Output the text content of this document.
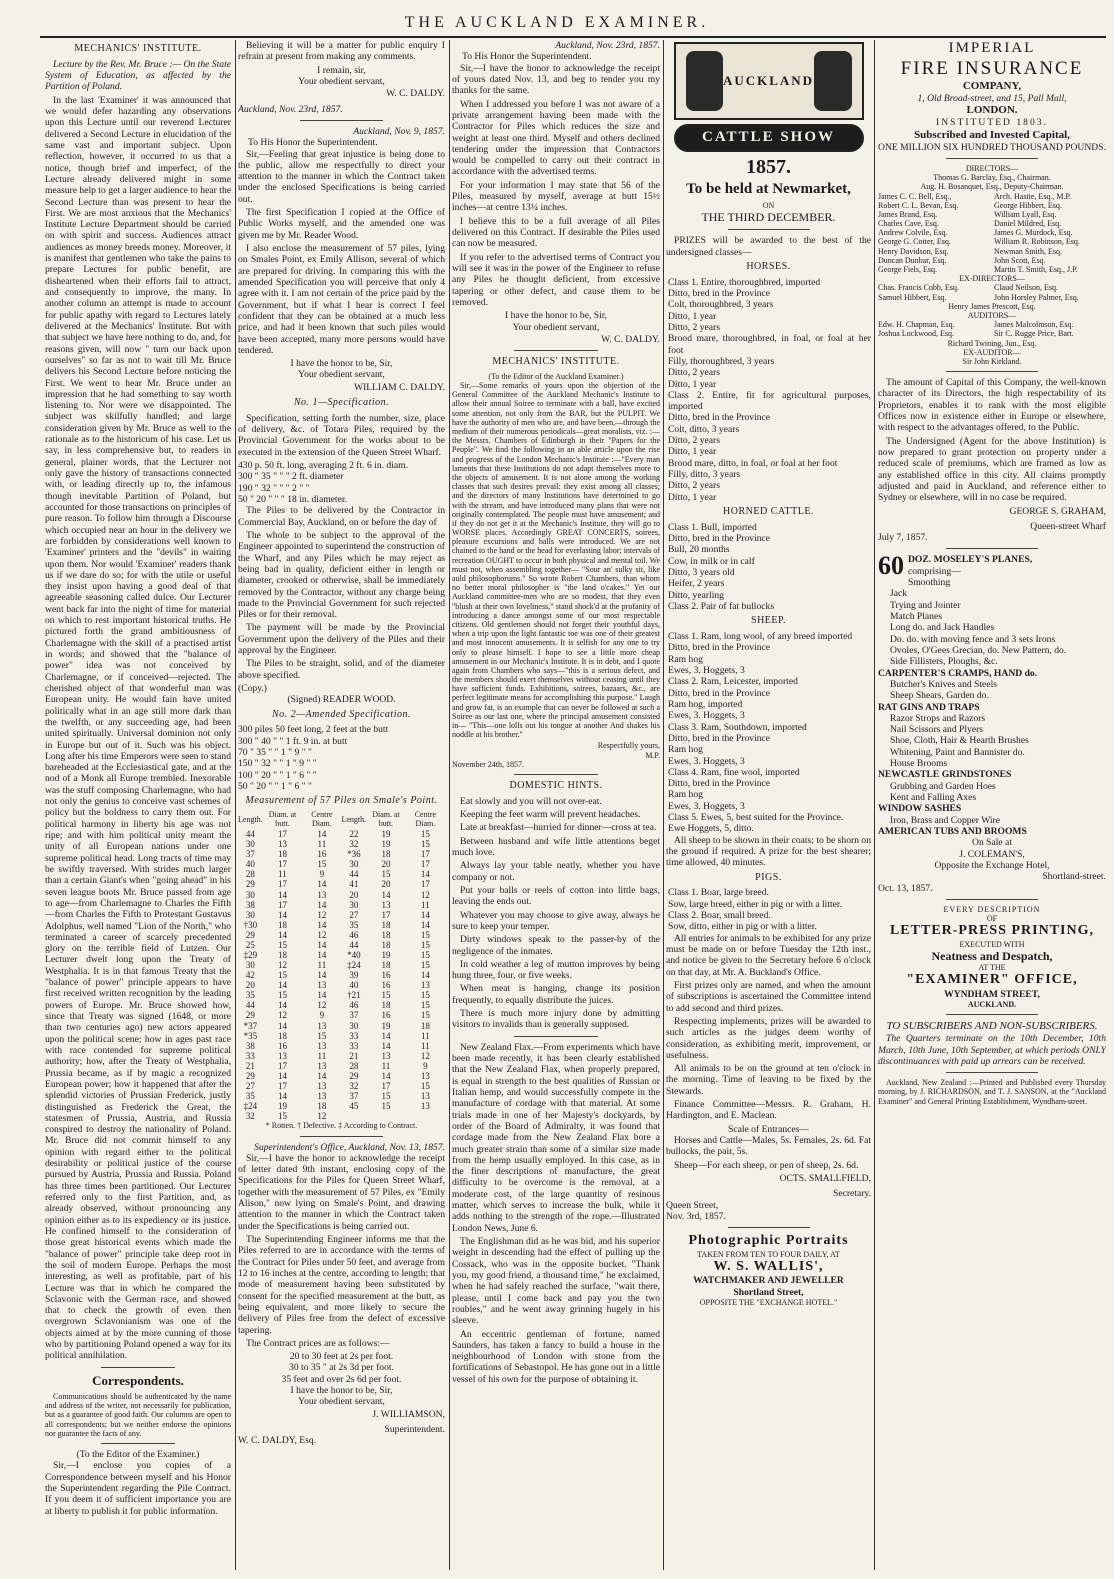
THE AUCKLAND EXAMINER.
MECHANICS' INSTITUTE.

Lecture by the Rev. Mr. Bruce :— On the State System of Education, as affected by the Partition of Poland.

In the last 'Examiner' it was announced that we would defer hazarding any observations upon this Lecture until our reverend Lecturer delivered a Second Lecture in elucidation of the same vast and important subject. Upon reflection, however, it occurred to us that a notice, though brief and imperfect, of the Lecture already delivered might in some measure help to get a larger audience to hear the Second Lecture than was present to hear the First. We are most anxious that the Mechanics' Institute Lecture Department should be carried on with spirit and success. Audiences attract audiences as money breeds money. Moreover, it is manifest that gentlemen who take the pains to prepare Lectures for public benefit, are disheartened when their efforts fail to attract, and consequently to improve, the many. In another column an attempt is made to account for public apathy with regard to Lectures lately delivered at the Mechanics' Institute. But with that subject we have here nothing to do, and, for reasons given, will now " turn our back upon ourselves" so far as not to wait till Mr. Bruce delivers his Second Lecture before noticing the First. We went to hear Mr. Bruce under an impression that he had something to say worth listening to. Nor were we disappointed. The subject was skilfully handled; and large consideration given by Mr. Bruce as well to the rationale as to the historicum of his case. Let us say, in less comprehensive but, to readers in general, plainer words, that the Lecturer not only gave the history of transactions connected with, or leading directly up to, the infamous though inevitable Partition of Poland, but accounted for those transactions on principles of pure reason. To follow him through a Discourse which occupied near an hour in the delivery we are forbidden by considerations well known to 'Examiner' printers and the "devils" in waiting upon them. Nor would 'Examiner' readers thank us if we dare do so; for with the utile or useful they insist upon having a good deal of that agreeable seasoning called dulce. Our Lecturer went back far into the night of time for material on which to rest important historical truths. He pictured forth the grand ambitiousness of Charlemagne with the skill of a practised artist in words; and showed that the "balance of power" idea was not conceived by Charlemagne, or if conceived—rejected. The cherished object of that wonderful man was European unity. He would fain have united politically what in an age still more dark than the twelfth, or any succeeding age, had been united spiritually. Universal dominion not only in Europe but out of it. Such was his object. Long after his time Emperors were seen to stand bareheaded at the Ecclesiastical gate, and at the nod of a Monk all Europe trembled. Inexorable was the stuff composing Charlemagne, who had not only the genius to conceive vast schemes of policy but the boldness to carry them out. For political harmony in liberty his age was not ripe; and with him political unity meant the unity of all European nations under one supreme political head. Long tracts of time may be swiftly traversed. With strides much larger than a certain Giant's when "going ahead" in his seven league boots Mr. Bruce passed from age to age—from Charlemagne to Charles the Fifth—from Charles the Fifth to Protestant Gustavus Adolphus, well named "Lion of the North," who terminated a career of scarcely precedented glory on the terrible field of Lutzen. Our Lecturer dwelt long upon the Treaty of Westphalia. It is in that famous Treaty that the "balance of power" principle appears to have first received written recognition by the leading powers of Europe. Mr. Bruce showed how, since that Treaty was signed (1648, or more than two centuries ago) new actors appeared upon the political scene; how in ages past race with race contended for supreme political authority; how, after the Treaty of Westphalia, Prussia became, as if by magic a recognized European power; how it happened that after the splendid victories of Prussian Frederick, justly distinguished as Frederick the Great, the statesmen of Prussia, Austria, and Russia conspired to destroy the nationality of Poland. Mr. Bruce did not commit himself to any opinion with regard either to the political desirability or political justice of the course pursued by Austria, Prussia and Russia. Poland has three times been partitioned. Our Lecturer referred only to the first Partition, and, as already observed, without pronouncing any opinion either as to its expediency or its justice. He confined himself to the consideration of those great historical events which made the "balance of power" principle take deep root in the soil of modern Europe. Perhaps the most interesting, as well as profitable, part of his Lecture was that in which he compared the Sclavonic with the German race, and showed that to check the growth of even then overgrown Sclavonianism was one of the objects aimed at by the more cunning of those who by partitioning Poland opened a way for its political annihilation.

Correspondents.

Communications should be authenticated by the name and address of the writer, not necessarily for publication, but as a guarantee of good faith. Our columns are open to all correspondents; but we neither endorse the opinions nor guarantee the facts of any.

(To the Editor of the Examiner.)

Sir,—I enclose you copies of a Correspondence between myself and his Honor the Superintendent regarding the Pile Contract. If you deem it of sufficient importance you are at liberty to publish it for public information.

Believing it will be a matter for public enquiry I refrain at present from making any comments.

I remain, sir,
Your obedient servant,
W. C. DALDY.
Auckland, Nov. 23rd, 1857.
Auckland, Nov. 9, 1857.
To His Honor the Superintendent.

Sir,—Feeling that great injustice is being done to the public, allow me respectfully to direct your attention to the manner in which the Contract taken under the enclosed Specifications is being carried out.

The first Specification I copied at the Office of Public Works myself, and the amended one was given me by Mr. Reader Wood.

I also enclose the measurement of 57 piles, lying on Smales Point, ex Emily Allison, several of which are prepared for driving. In comparing this with the amended Specification you will perceive that only 4 agree with it. I am not certain of the price paid by the Government, but if what I hear is correct I feel confident that they can be obtained at a much less price, and had it been known that such piles would have been accepted, many more persons would have tendered.

I have the honor to be, Sir,
Your obedient servant,
WILLIAM C. DALDY.
No. 1—Specification.

Specification, setting forth the number, size, place of delivery, &c. of Totara Piles, required by the Provincial Government for the works about to be executed in the extension of the Queen Street Wharf.

430 p. 50 ft. long, averaging 2 ft. 6 in. diam.
300 " 35 " " " 2 ft. diameter
190 " 32 " " " 2 " "
50 " 20 " " " 18 in. diameter.

The Piles to be delivered by the Contractor in Commercial Bay, Auckland, on or before the day of

The whole to be subject to the approval of the Engineer appointed to superintend the construction of the Wharf, and any Piles which he may reject as being bad in quality, deficient either in length or diameter, crooked or otherwise, shall be immediately removed by the Contractor, without any charge being made to the Provincial Government for such rejected Piles or for their removal.

The payment will be made by the Provincial Government upon the delivery of the Piles and their approval by the Engineer.

The Piles to be straight, solid, and of the diameter above specified.

(Copy.)
(Signed) READER WOOD.
No. 2—Amended Specification.
300 piles 50 feet long, 2 feet at the butt
300 " 40 " " 1 ft. 9 in. at butt
70 " 35 " " 1 " 9 " "
150 " 32 " " 1 " 9 " "
100 " 20 " " 1 " 6 " "
50 " 20 " " 1 " 6 " "
Measurement of 57 Piles on Smale's Point.
Length.	Diam. at butt.	Centre Diam.	Length.	Diam. at butt.	Centre Diam.
44	17	14	22	19	15
30	13	11	32	19	15
37	18	16	*36	18	17
40	17	15	30	20	17
28	11	9	44	15	14
29	17	14	41	20	17
30	14	13	20	14	12
38	17	14	30	13	11
30	14	12	27	17	14
†30	18	14	35	18	14
29	14	12	46	18	15
25	15	14	44	18	15
‡29	18	14	*40	19	15
30	12	11	‡24	18	15
42	15	14	39	16	14
20	14	13	40	16	13
35	15	14	†21	15	15
44	14	12	46	18	15
29	12	9	37	16	15
*37	14	13	30	19	18
*35	18	15	33	14	11
38	16	13	33	14	11
33	13	11	21	13	12
21	17	13	28	11	9
29	14	14	29	14	13
27	17	13	32	17	15
35	14	13	37	15	13
‡24	19	18	45	15	13
32	15	12			
* Rotten. † Defective. ‡ According to Contract.
Superintendent's Office, Auckland, Nov. 13, 1857.

Sir,—I have the honor to acknowledge the receipt of letter dated 9th instant, enclosing copy of the Specifications for the Piles for Queen Street Wharf, together with the measurement of 57 Piles, ex "Emily Alison," now lying on Smale's Point, and drawing attention to the manner in which the Contract taken under the Specifications is being carried out.

The Superintending Engineer informs me that the Piles referred to are in accordance with the terms of the Contract for Piles under 50 feet, and average from 12 to 16 inches at the centre, according to length; that mode of measurement having been substituted by consent for the specified measurement at the butt, as being equivalent, and more likely to secure the delivery of Piles free from the defect of excessive tapering.

The Contract prices are as follows:—

20 to 30 feet at 2s per foot.
30 to 35 " at 2s 3d per foot.
35 feet and over 2s 6d per foot.
I have the honor to be, Sir,
Your obedient servant,
J. WILLIAMSON,
Superintendent.
W. C. DALDY, Esq.
Auckland, Nov. 23rd, 1857.
To His Honor the Superintendent.

Sir,—I have the honor to acknowledge the receipt of yours dated Nov. 13, and beg to tender you my thanks for the same.

When I addressed you before I was not aware of a private arrangement having been made with the Contractor for Piles which reduces the size and weight at least one third. Myself and others declined tendering under the impression that Contractors would be compelled to carry out their contract in accordance with the advertised terms.

For your information I may state that 56 of the Piles, measured by myself, average at butt 15½ inches—at centre 13¼ inches.

I believe this to be a full average of all Piles delivered on this Contract. If desirable the Piles used can now be measured.

If you refer to the advertised terms of Contract you will see it was in the power of the Engineer to refuse any Piles he thought deficient, from excessive tapering or other defect, and cause them to be removed.

I have the honor to be, Sir,
Your obedient servant,
W. C. DALDY.
MECHANICS' INSTITUTE.
(To the Editor of the Auckland Examiner.)

Sir,—Some remarks of yours upon the objection of the General Committee of the Auckland Mechanic's Institute to allow their annual Soiree to terminate with a ball, have excited some attention, not only from the BAR, but the PULPIT. We have the authority of men who are, and have been,—through the medium of their numerous periodicals—great moralists, viz. :—the Messrs. Chambers of Edinburgh in their "Papers for the People". We find the following in an able article upon the rise and progress of the London Mechanic's Institute :—"Every man laments that these Institutions do not adapt themselves more to the objects of amusement. It is not alone among the working classes that such desires prevail: they exist among all classes; and the directors of many Institutions have determined to go with the stream, and have introduced many plans that were not originally contemplated. The people must have amusement; and if they do not get it at the Mechanic's Institute, they will go to WORSE places. Accordingly GREAT CONCERTS, soirees, pleasure excursions and balls were introduced. We are not chained to the hand or the head for everlasting labor; intervals of recreation OUGHT to occur in both physical and mental toil. We must not, when assembling together— "Sour an' sulky sit, like auld philosophorums." So wrote Robert Chambers, than whom no better moral philosopher is "the land o'cakes." Yet our Auckland committee-men who are so modest, that they even "blush at their own loveliness," stand shock'd at the profanity of introducing a dance amongst some of our most respectable citizens. Old gentlemen should not forget their youthful days, when a trip upon the light fantastic toe was one of their greatest and most innocent amusements. It is selfish for any one to try only to please himself. I hope to see a little more cheap amusement in our Mechanic's Institute. It is in debt, and I quote again from Chambers who says—"this is a serious defect, and the members should exert themselves without ceasing until they have sufficient funds. Exhibitions, soirees, bazaars, &c., are perfect legitimate means for accomplishing this purpose." Laugh and grow fat, is an example that can never be followed at such a Soiree as our last one, where the principal amusement consisted in— "This—one lolls out his tongue at another And shakes his noddle at his brother."

Respectfully yours,
M.P.
November 24th, 1857.
DOMESTIC HINTS.

Eat slowly and you will not over-eat.

Keeping the feet warm will prevent headaches.

Late at breakfast—hurried for dinner—cross at tea.

Between husband and wife little attentions beget much love.

Always lay your table neatly, whether you have company or not.

Put your balls or reels of cotton into little bags, leaving the ends out.

Whatever you may choose to give away, always be sure to keep your temper.

Dirty windows speak to the passer-by of the negligence of the inmates.

In cold weather a leg of mutton improves by being hung three, four, or five weeks.

When meat is hanging, change its position frequently, to equally distribute the juices.

There is much more injury done by admitting visitors to invalids than is generally supposed.

New Zealand Flax.—From experiments which have been made recently, it has been clearly established that the New Zealand Flax, when properly prepared, is equal in strength to the best qualities of Russian or Italian hemp, and would successfully compete in the manufacture of cordage with that material. At some trials made in one of her Majesty's dockyards, by order of the Board of Admiralty, it was found that cordage made from the New Zealand Flax bore a much greater strain than some of a similar size made from the hemp usually employed. In this case, as in the finer descriptions of manufacture, the great difficulty to be overcome is the removal, at a moderate cost, of the large quantity of resinous matter, which serves to increase the bulk, while it adds nothing to the strength of the rope.—Illustrated London News, June 6.

The Englishman did as he was bid, and his superior weight in descending had the effect of pulling up the Cossack, who was in the opposite bucket. "Thank you, my good friend, a thousand time," he exclaimed, when he had safely reached the surface, "wait there, please, until I come back and pay you the two roubles," and he went away grinning hugely in his sleeve.

An eccentric gentleman of fortune, named Saunders, has taken a fancy to build a house in the neighbourhood of London with stone from the fortifications of Sebastopol. He has gone out in a little vessel of his own for the purpose of obtaining it.

AUCKLAND
CATTLE SHOW
1857.
To be held at Newmarket,
ON
THE THIRD DECEMBER.

PRIZES will be awarded to the best of the undersigned classes—

HORSES.
Class 1. Entire, thoroughbred, imported
Ditto, bred in the Province
Colt, thoroughbred, 3 years
Ditto, 1 year
Ditto, 2 years
Brood mare, thoroughbred, in foal, or foal at her foot
Filly, thoroughbred, 3 years
Ditto, 2 years
Ditto, 1 year
Class 2. Entire, fit for agricultural purposes, imported
Ditto, bred in the Province
Colt, ditto, 3 years
Ditto, 2 years
Ditto, 1 year
Brood mare, ditto, in foal, or foal at her foot
Filly, ditto, 3 years
Ditto, 2 years
Ditto, 1 year
HORNED CATTLE.
Class 1. Bull, imported
Ditto, bred in the Province
Bull, 20 months
Cow, in milk or in calf
Ditto, 3 years old
Heifer, 2 years
Ditto, yearling
Class 2. Pair of fat bullocks
SHEEP.
Class 1. Ram, long wool, of any breed imported
Ditto, bred in the Province
Ram hog
Ewes, 3. Hoggets, 3
Class 2. Ram, Leicester, imported
Ditto, bred in the Province
Ram hog, imported
Ewes, 3. Hoggets, 3
Class 3. Ram, Southdown, imported
Ditto, bred in the Province
Ram hog
Ewes, 3. Hoggets, 3
Class 4. Ram, fine wool, imported
Ditto, bred in the Province
Ram hog
Ewes, 3. Hoggets, 3
Class 5. Ewes, 5, best suited for the Province.
Ewe Hoggets, 5, ditto.

All sheep to be shown in their coats; to be shorn on the ground if required. A prize for the best shearer; time allowed, 40 minutes.

PIGS.
Class 1. Boar, large breed.
Sow, large breed, either in pig or with a litter.
Class 2. Boar, small breed.
Sow, ditto, either in pig or with a litter.

All entries for animals to be exhibited for any prize must be made on or before Tuesday the 12th inst., and notice be given to the Secretary before 6 o'clock on that day, at Mr. A. Buckland's Office.

First prizes only are named, and when the amount of subscriptions is ascertained the Committee intend to add second and third prizes.

Respecting implements, prizes will be awarded to such articles as the judges deem worthy of consideration, as exhibiting merit, improvement, or usefulness.

All animals to be on the ground at ten o'clock in the morning. Time of leaving to be fixed by the Stewards.

Finance Committee—Messrs. R. Graham, H. Hardington, and E. Maclean.

Scale of Entrances—

Horses and Cattle—Males, 5s. Females, 2s. 6d. Fat bullocks, the pair, 5s.

Sheep—For each sheep, or pen of sheep, 2s. 6d.

OCTS. SMALLFIELD,
Secretary.
Queen Street,
Nov. 3rd, 1857.
Photographic Portraits
TAKEN FROM TEN TO FOUR DAILY, AT
W. S. WALLIS',
WATCHMAKER AND JEWELLER
Shortland Street,
OPPOSITE THE "EXCHANGE HOTEL."
IMPERIAL
FIRE INSURANCE
COMPANY,
1, Old Broad-street, and 15, Pall Mall,
LONDON.
INSTITUTED 1803.
Subscribed and Invested Capital,
ONE MILLION SIX HUNDRED THOUSAND POUNDS.
DIRECTORS—
Thomas G. Barclay, Esq., Chairman.
Aug. H. Bosanquet, Esq., Deputy-Chairman.
James C. C. Bell, Esq.,
Robert C. L. Bevan, Esq.
James Brand, Esq.
Charles Cave, Esq.
Andrew Colvile, Esq.
George G. Cotter, Esq.
Henry Davidson, Esq.
Duncan Dunbar, Esq.
George Fiels, Esq.
Arch. Hastie, Esq., M.P.
George Hibbert, Esq.
William Lyall, Esq.
Daniel Mildred, Esq.
James G. Murdock, Esq.
William R. Robinson, Esq.
Newman Smith, Esq.
John Scott, Esq.
Martin T. Smith, Esq., J.P.
EX-DIRECTORS—
Chas. Francis Cobb, Esq.
Samuel Hibbert, Esq.
Claud Neilson, Esq.
John Horsley Palmer, Esq.
Henry James Prescott, Esq.
AUDITORS—
Edw. H. Chapman, Esq.
Joshua Lockwood, Esq.
James Malcolmson, Esq.
Sir C. Rugge Price, Bart.
Richard Twining, Jun., Esq.
EX-AUDITOR—
Sir John Kirkland.

The amount of Capital of this Company, the well-known character of its Directors, the high respectability of its Proprietors, enables it to rank with the most eligible Offices now in existence either in Europe or elsewhere, with respect to the advantages offered, to the Public.

The Undersigned (Agent for the above Institution) is now prepared to grant protection on property under a reduced scale of premiums, which are framed as low as any established office in this city. All claims promptly adjusted and paid in Auckland, and reference either to Sydney or elsewhere, will in no case be required.

GEORGE S. GRAHAM,
Queen-street Wharf
July 7, 1857.
60 DOZ. MOSELEY'S PLANES,
comprising—
Smoothing
Jack
Trying and Jointer
Match Planes
Long do. and Jack Handles
Do. do. with moving fence and 3 sets Irons
Ovoles, O'Gees Grecian, do. New Pattern, do.
Side Fillisters, Ploughs, &c.
CARPENTER'S CRAMPS, HAND do.
Butcher's Knives and Steels
Sheep Shears, Garden do.
RAT GINS AND TRAPS
Razor Strops and Razors
Nail Scissors and Plyers
Shoe, Cloth, Hair & Hearth Brushes
Whitening, Paint and Bannister do.
House Brooms
NEWCASTLE GRINDSTONES
Grubbing and Garden Hoes
Kent and Falling Axes
WINDOW SASHES
Iron, Brass and Copper Wire
AMERICAN TUBS AND BROOMS
On Sale at
J. COLEMAN'S,
Opposite the Exchange Hotel,
Shortland-street.
Oct. 13, 1857.
EVERY DESCRIPTION
OF
LETTER-PRESS PRINTING,
EXECUTED WITH
Neatness and Despatch,
AT THE
"EXAMINER" OFFICE,
WYNDHAM STREET,
AUCKLAND.
TO SUBSCRIBERS AND NON-SUBSCRIBERS.

The Quarters terminate on the 10th December, 10th March, 10th June, 10th September, at which periods ONLY discontinuances with paid up arrears can be received.

Auckland, New Zealand :—Printed and Published every Thursday morning, by J. RICHARDSON, and T. J. SANSON, at the "Auckland Examiner" and General Printing Establishment, Wyndham-street.
